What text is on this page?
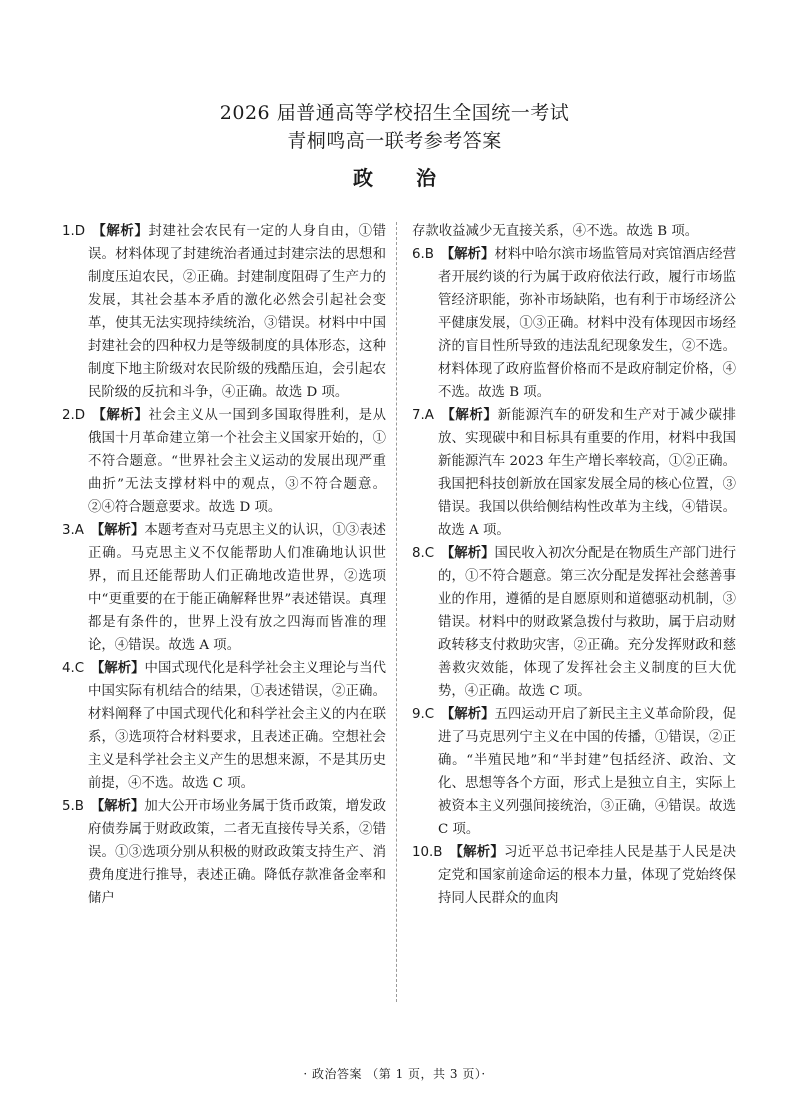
2026 届普通高等学校招生全国统一考试
青桐鸣高一联考参考答案
政 治

1.D  【解析】封建社会农民有一定的人身自由，①错误。材料体现了封建统治者通过封建宗法的思想和制度压迫农民，②正确。封建制度阻碍了生产力的发展，其社会基本矛盾的激化必然会引起社会变革，使其无法实现持续统治，③错误。材料中中国封建社会的四种权力是等级制度的具体形态，这种制度下地主阶级对农民阶级的残酷压迫，会引起农民阶级的反抗和斗争，④正确。故选 D 项。

2.D  【解析】社会主义从一国到多国取得胜利，是从俄国十月革命建立第一个社会主义国家开始的，①不符合题意。“世界社会主义运动的发展出现严重曲折”无法支撑材料中的观点，③不符合题意。②④符合题意要求。故选 D 项。

3.A  【解析】本题考查对马克思主义的认识，①③表述正确。马克思主义不仅能帮助人们准确地认识世界，而且还能帮助人们正确地改造世界，②选项中“更重要的在于能正确解释世界”表述错误。真理都是有条件的，世界上没有放之四海而皆准的理论，④错误。故选 A 项。

4.C  【解析】中国式现代化是科学社会主义理论与当代中国实际有机结合的结果，①表述错误，②正确。材料阐释了中国式现代化和科学社会主义的内在联系，③选项符合材料要求，且表述正确。空想社会主义是科学社会主义产生的思想来源，不是其历史前提，④不选。故选 C 项。

5.B  【解析】加大公开市场业务属于货币政策，增发政府债券属于财政政策，二者无直接传导关系，②错误。①③选项分别从积极的财政政策支持生产、消费角度进行推导，表述正确。降低存款准备金率和储户

存款收益减少无直接关系，④不选。故选 B 项。

6.B  【解析】材料中哈尔滨市场监管局对宾馆酒店经营者开展约谈的行为属于政府依法行政，履行市场监管经济职能，弥补市场缺陷，也有利于市场经济公平健康发展，①③正确。材料中没有体现因市场经济的盲目性所导致的违法乱纪现象发生，②不选。材料体现了政府监督价格而不是政府制定价格，④不选。故选 B 项。

7.A  【解析】新能源汽车的研发和生产对于减少碳排放、实现碳中和目标具有重要的作用，材料中我国新能源汽车 2023 年生产增长率较高，①②正确。我国把科技创新放在国家发展全局的核心位置，③错误。我国以供给侧结构性改革为主线，④错误。故选 A 项。

8.C  【解析】国民收入初次分配是在物质生产部门进行的，①不符合题意。第三次分配是发挥社会慈善事业的作用，遵循的是自愿原则和道德驱动机制，③错误。材料中的财政紧急拨付与救助，属于启动财政转移支付救助灾害，②正确。充分发挥财政和慈善救灾效能，体现了发挥社会主义制度的巨大优势，④正确。故选 C 项。

9.C  【解析】五四运动开启了新民主主义革命阶段，促进了马克思列宁主义在中国的传播，①错误，②正确。“半殖民地”和“半封建”包括经济、政治、文化、思想等各个方面，形式上是独立自主，实际上被资本主义列强间接统治，③正确，④错误。故选 C 项。

10.B  【解析】习近平总书记牵挂人民是基于人民是决定党和国家前途命运的根本力量，体现了党始终保持同人民群众的血肉

· 政治答案 （第 1 页，共 3 页）·
